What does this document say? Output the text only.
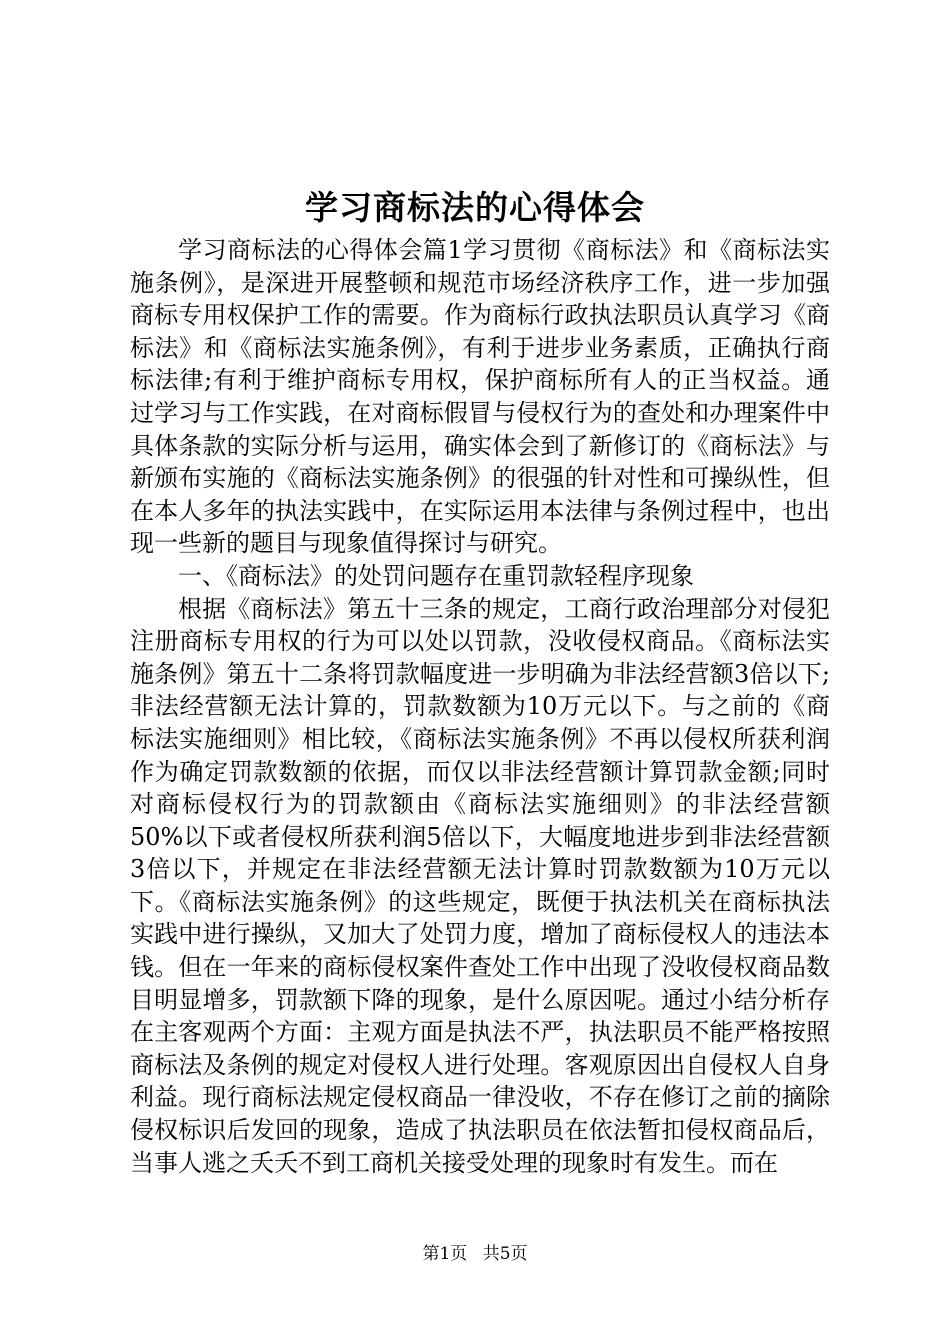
学习商标法的心得体会

学习商标法的心得体会篇1学习贯彻《商标法》和《商标法实施条例》，是深进开展整顿和规范市场经济秩序工作，进一步加强商标专用权保护工作的需要。作为商标行政执法职员认真学习《商标法》和《商标法实施条例》，有利于进步业务素质，正确执行商标法律;有利于维护商标专用权，保护商标所有人的正当权益。通过学习与工作实践，在对商标假冒与侵权行为的查处和办理案件中具体条款的实际分析与运用，确实体会到了新修订的《商标法》与新颁布实施的《商标法实施条例》的很强的针对性和可操纵性，但在本人多年的执法实践中，在实际运用本法律与条例过程中，也出现一些新的题目与现象值得探讨与研究。

一、《商标法》的处罚问题存在重罚款轻程序现象

根据《商标法》第五十三条的规定，工商行政治理部分对侵犯注册商标专用权的行为可以处以罚款，没收侵权商品。《商标法实施条例》第五十二条将罚款幅度进一步明确为非法经营额3倍以下;非法经营额无法计算的，罚款数额为10万元以下。与之前的《商标法实施细则》相比较，《商标法实施条例》不再以侵权所获利润作为确定罚款数额的依据，而仅以非法经营额计算罚款金额;同时对商标侵权行为的罚款额由《商标法实施细则》的非法经营额50%以下或者侵权所获利润5倍以下，大幅度地进步到非法经营额3倍以下，并规定在非法经营额无法计算时罚款数额为10万元以下。《商标法实施条例》的这些规定，既便于执法机关在商标执法实践中进行操纵，又加大了处罚力度，增加了商标侵权人的违法本钱。但在一年来的商标侵权案件查处工作中出现了没收侵权商品数目明显增多，罚款额下降的现象，是什么原因呢。通过小结分析存在主客观两个方面：主观方面是执法不严，执法职员不能严格按照商标法及条例的规定对侵权人进行处理。客观原因出自侵权人自身利益。现行商标法规定侵权商品一律没收，不存在修订之前的摘除侵权标识后发回的现象，造成了执法职员在依法暂扣侵权商品后，当事人逃之夭夭不到工商机关接受处理的现象时有发生。而在

第1页 共5页
